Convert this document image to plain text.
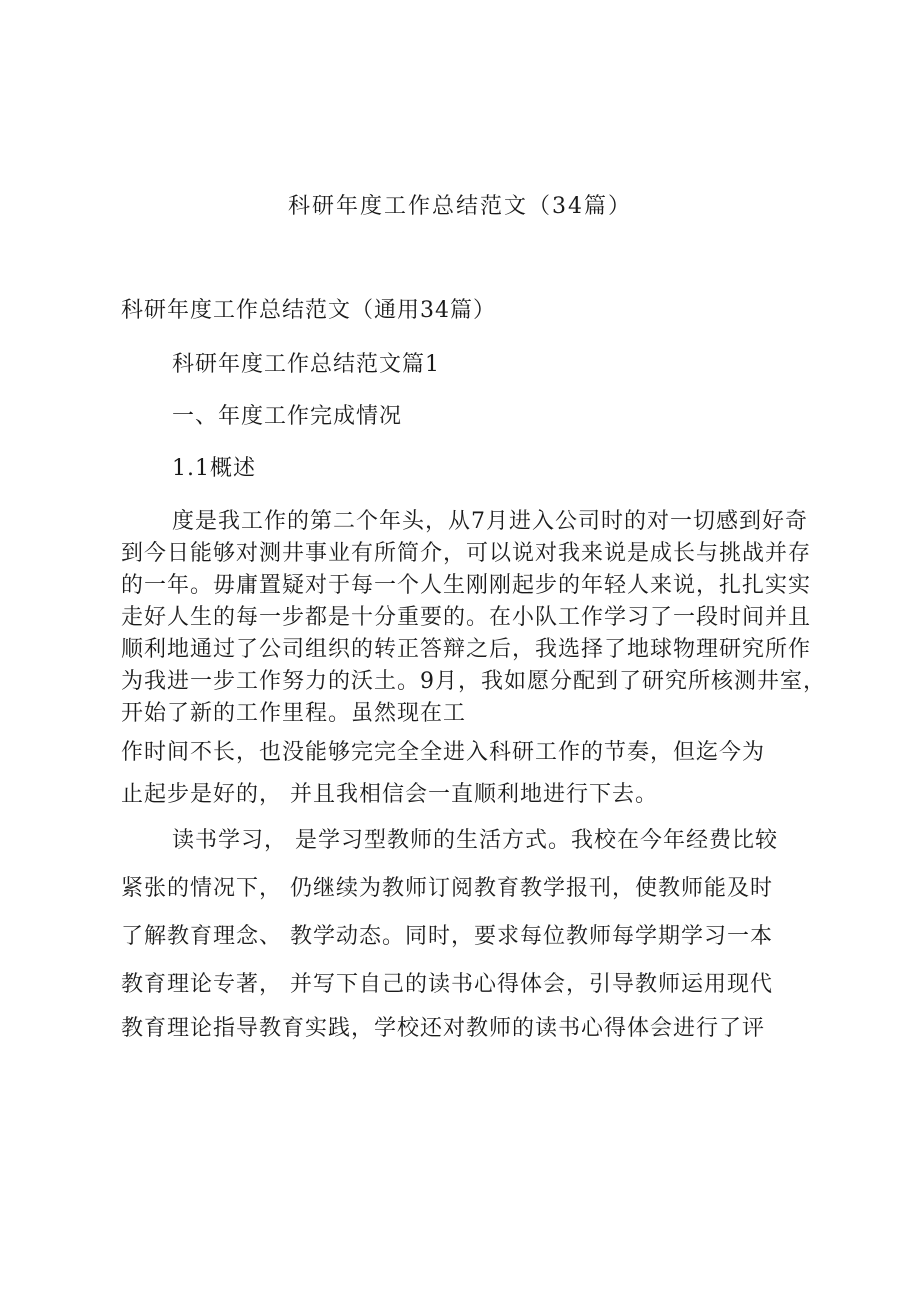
科研年度工作总结范文（34篇）
科研年度工作总结范文（通用34篇）
科研年度工作总结范文篇1
一、年度工作完成情况
1.1概述
度是我工作的第二个年头，从7月进入公司时的对一切感到好奇
到今日能够对测井事业有所简介，可以说对我来说是成长与挑战并存
的一年。毋庸置疑对于每一个人生刚刚起步的年轻人来说，扎扎实实
走好人生的每一步都是十分重要的。在小队工作学习了一段时间并且
顺利地通过了公司组织的转正答辩之后，我选择了地球物理研究所作
为我进一步工作努力的沃土。9月，我如愿分配到了研究所核测井室，
开始了新的工作里程。虽然现在工
作时间不长，也没能够完完全全进入科研工作的节奏，但迄今为
止起步是好的， 并且我相信会一直顺利地进行下去。
读书学习， 是学习型教师的生活方式。我校在今年经费比较
紧张的情况下， 仍继续为教师订阅教育教学报刊，使教师能及时
了解教育理念、 教学动态。同时，要求每位教师每学期学习一本
教育理论专著， 并写下自己的读书心得体会，引导教师运用现代
教育理论指导教育实践，学校还对教师的读书心得体会进行了评
